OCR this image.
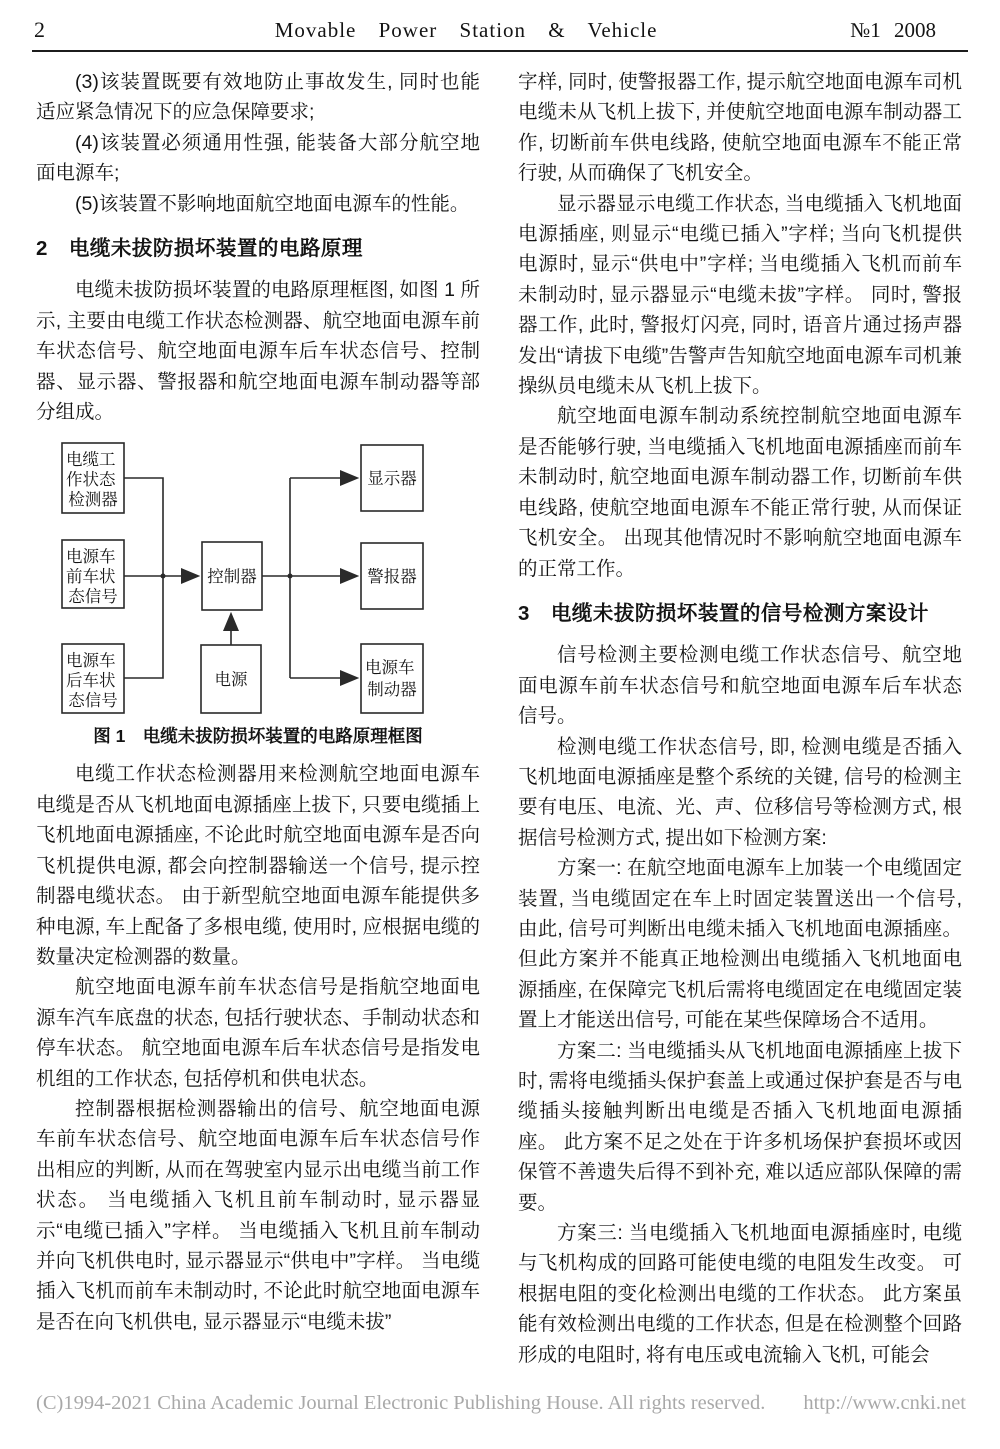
2	Movable Power Station & Vehicle	№1 2008

(3)该装置既要有效地防止事故发生, 同时也能适应紧急情况下的应急保障要求;

(4)该装置必须通用性强, 能装备大部分航空地面电源车;

(5)该装置不影响地面航空地面电源车的性能。

2　电缆未拔防损坏装置的电路原理

电缆未拔防损坏装置的电路原理框图, 如图 1 所示, 主要由电缆工作状态检测器、航空地面电源车前车状态信号、航空地面电源车后车状态信号、控制器、显示器、警报器和航空地面电源车制动器等部分组成。

电缆工 作状态 检测器
电源车 前车状 态信号
电源车 后车状 态信号
控制器
电源
显示器
警报器
电源车 制动器
图 1　电缆未拔防损坏装置的电路原理框图

电缆工作状态检测器用来检测航空地面电源车电缆是否从飞机地面电源插座上拔下, 只要电缆插上飞机地面电源插座, 不论此时航空地面电源车是否向飞机提供电源, 都会向控制器输送一个信号, 提示控制器电缆状态。 由于新型航空地面电源车能提供多种电源, 车上配备了多根电缆, 使用时, 应根据电缆的数量决定检测器的数量。

航空地面电源车前车状态信号是指航空地面电源车汽车底盘的状态, 包括行驶状态、手制动状态和停车状态。 航空地面电源车后车状态信号是指发电机组的工作状态, 包括停机和供电状态。

控制器根据检测器输出的信号、航空地面电源车前车状态信号、航空地面电源车后车状态信号作出相应的判断, 从而在驾驶室内显示出电缆当前工作状态。 当电缆插入飞机且前车制动时, 显示器显示“电缆已插入”字样。 当电缆插入飞机且前车制动并向飞机供电时, 显示器显示“供电中”字样。 当电缆插入飞机而前车未制动时, 不论此时航空地面电源车是否在向飞机供电, 显示器显示“电缆未拔”

字样, 同时, 使警报器工作, 提示航空地面电源车司机电缆未从飞机上拔下, 并使航空地面电源车制动器工作, 切断前车供电线路, 使航空地面电源车不能正常行驶, 从而确保了飞机安全。

显示器显示电缆工作状态, 当电缆插入飞机地面电源插座, 则显示“电缆已插入”字样; 当向飞机提供电源时, 显示“供电中”字样; 当电缆插入飞机而前车未制动时, 显示器显示“电缆未拔”字样。 同时, 警报器工作, 此时, 警报灯闪亮, 同时, 语音片通过扬声器发出“请拔下电缆”告警声告知航空地面电源车司机兼操纵员电缆未从飞机上拔下。

航空地面电源车制动系统控制航空地面电源车是否能够行驶, 当电缆插入飞机地面电源插座而前车未制动时, 航空地面电源车制动器工作, 切断前车供电线路, 使航空地面电源车不能正常行驶, 从而保证飞机安全。 出现其他情况时不影响航空地面电源车的正常工作。

3　电缆未拔防损坏装置的信号检测方案设计

信号检测主要检测电缆工作状态信号、航空地面电源车前车状态信号和航空地面电源车后车状态信号。

检测电缆工作状态信号, 即, 检测电缆是否插入飞机地面电源插座是整个系统的关键, 信号的检测主要有电压、电流、光、声、位移信号等检测方式, 根据信号检测方式, 提出如下检测方案:

方案一: 在航空地面电源车上加装一个电缆固定装置, 当电缆固定在车上时固定装置送出一个信号, 由此, 信号可判断出电缆未插入飞机地面电源插座。 但此方案并不能真正地检测出电缆插入飞机地面电源插座, 在保障完飞机后需将电缆固定在电缆固定装置上才能送出信号, 可能在某些保障场合不适用。

方案二: 当电缆插头从飞机地面电源插座上拔下时, 需将电缆插头保护套盖上或通过保护套是否与电缆插头接触判断出电缆是否插入飞机地面电源插座。 此方案不足之处在于许多机场保护套损坏或因保管不善遗失后得不到补充, 难以适应部队保障的需要。

方案三: 当电缆插入飞机地面电源插座时, 电缆与飞机构成的回路可能使电缆的电阻发生改变。 可根据电阻的变化检测出电缆的工作状态。 此方案虽能有效检测出电缆的工作状态, 但是在检测整个回路形成的电阻时, 将有电压或电流输入飞机, 可能会

(C)1994-2021 China Academic Journal Electronic Publishing House. All rights reserved. http://www.cnki.net
